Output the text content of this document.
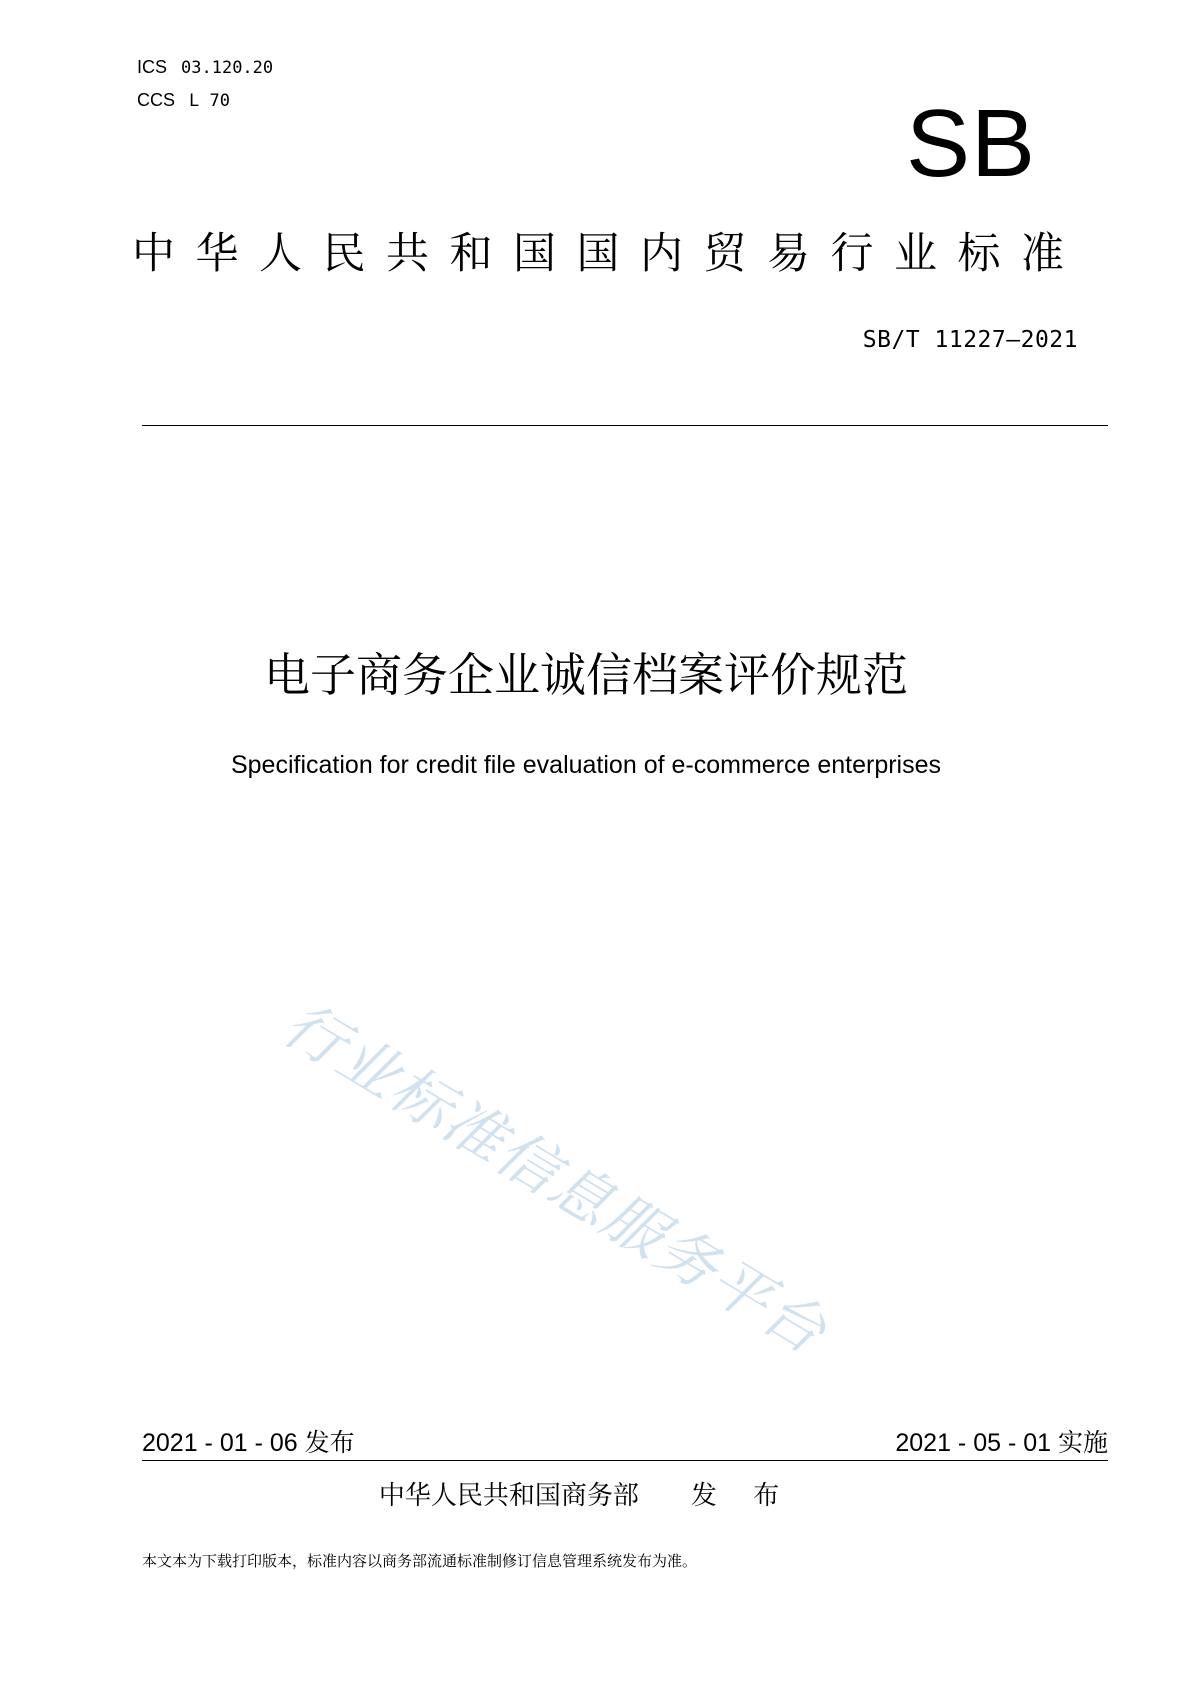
ICS 03.120.20
CCS L 70	SB
中华人民共和国国内贸易行业标准
SB/T 11227—2021
电子商务企业诚信档案评价规范
Specification for credit file evaluation of e-commerce enterprises
行业标准信息服务平台
2021 - 01 - 06 发布	2021 - 05 - 01 实施
中华人民共和国商务部 发 布
本文本为下载打印版本，标准内容以商务部流通标准制修订信息管理系统发布为准。
